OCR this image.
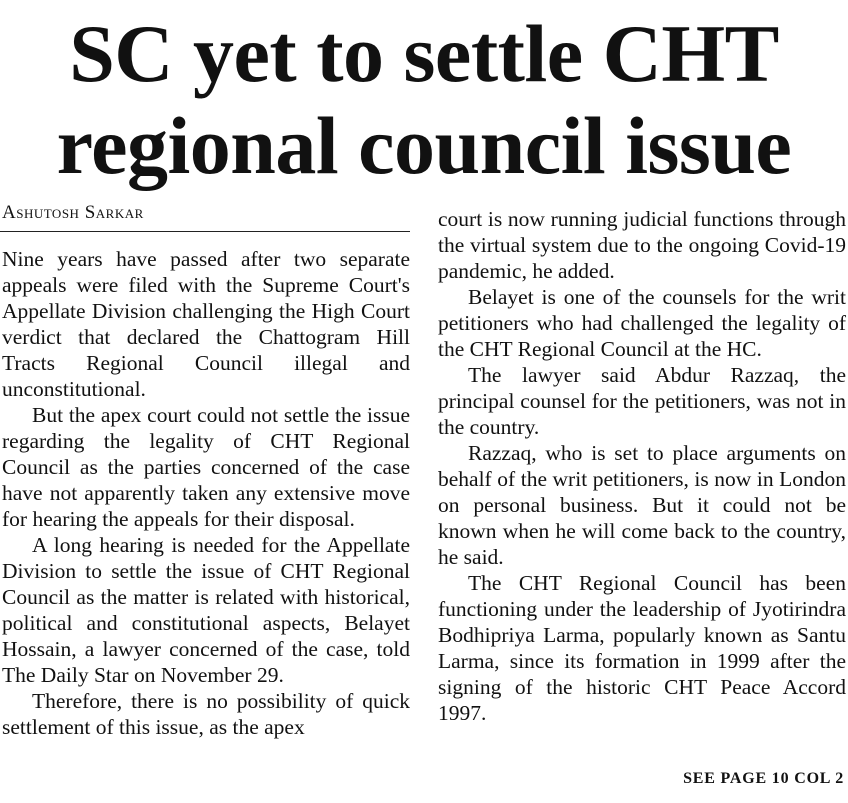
SC yet to settle CHT regional council issue
Ashutosh Sarkar

Nine years have passed after two separate appeals were filed with the Supreme Court's Appellate Division challenging the High Court verdict that declared the Chattogram Hill Tracts Regional Council illegal and unconstitutional.

But the apex court could not settle the issue regarding the legality of CHT Regional Council as the parties concerned of the case have not apparently taken any extensive move for hearing the appeals for their disposal.

A long hearing is needed for the Appellate Division to settle the issue of CHT Regional Council as the matter is related with historical, political and constitutional aspects, Belayet Hossain, a lawyer concerned of the case, told The Daily Star on November 29.

Therefore, there is no possibility of quick settlement of this issue, as the apex

court is now running judicial functions through the virtual system due to the ongoing Covid-19 pandemic, he added.

Belayet is one of the counsels for the writ petitioners who had challenged the legality of the CHT Regional Council at the HC.

The lawyer said Abdur Razzaq, the principal counsel for the petitioners, was not in the country.

Razzaq, who is set to place arguments on behalf of the writ petitioners, is now in London on personal business. But it could not be known when he will come back to the country, he said.

The CHT Regional Council has been functioning under the leadership of Jyotirindra Bodhipriya Larma, popularly known as Santu Larma, since its formation in 1999 after the signing of the historic CHT Peace Accord 1997.

SEE PAGE 10 COL 2
